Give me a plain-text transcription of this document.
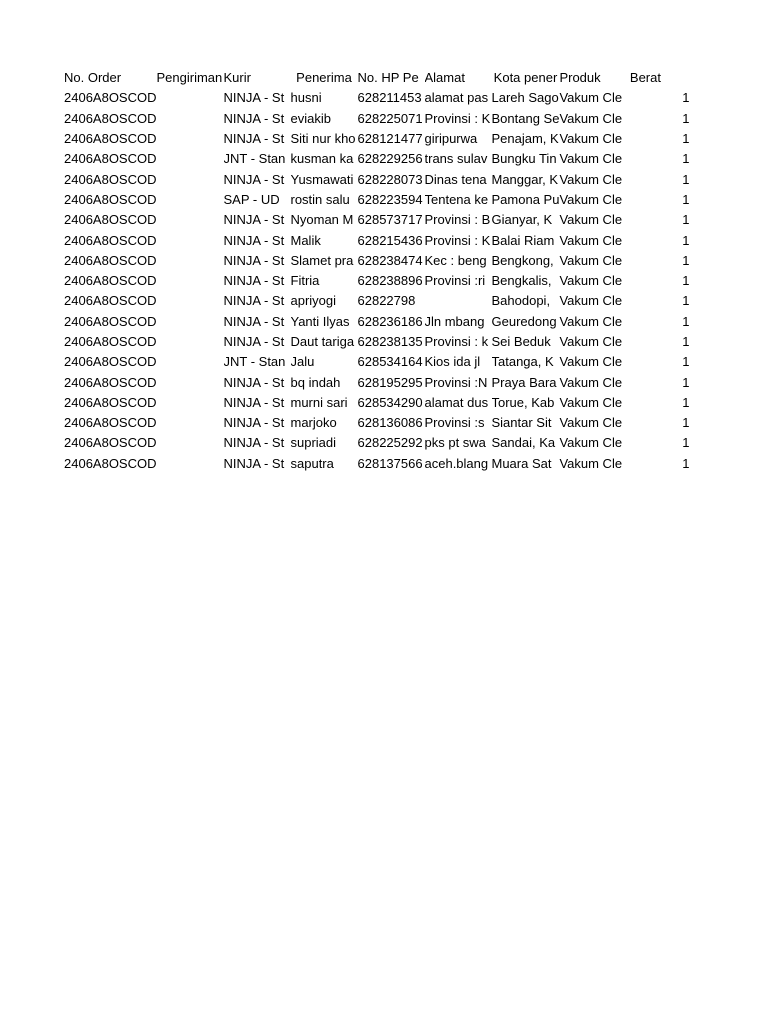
No. Order	Pengiriman	Kurir	Penerima	No. HP Pe	Alamat	Kota pener	Produk	Berat	
2406A8OSCOD		NINJA - St	husni	628211453	alamat pas	Lareh Sago	Vakum Cle		1
2406A8OSCOD		NINJA - St	eviakib	628225071	Provinsi : K	Bontang Se	Vakum Cle		1
2406A8OSCOD		NINJA - St	Siti nur kho	628121477	giripurwa	Penajam, K	Vakum Cle		1
2406A8OSCOD		JNT - Stan	kusman ka	628229256	trans sulav	Bungku Tin	Vakum Cle		1
2406A8OSCOD		NINJA - St	Yusmawati	628228073	Dinas tena	Manggar, K	Vakum Cle		1
2406A8OSCOD		SAP - UD	rostin salu	628223594	Tentena ke	Pamona Pu	Vakum Cle		1
2406A8OSCOD		NINJA - St	Nyoman M	628573717	Provinsi : B	Gianyar, K	Vakum Cle		1
2406A8OSCOD		NINJA - St	Malik	628215436	Provinsi : K	Balai Riam	Vakum Cle		1
2406A8OSCOD		NINJA - St	Slamet pra	628238474	Kec : beng	Bengkong,	Vakum Cle		1
2406A8OSCOD		NINJA - St	Fitria	628238896	Provinsi :ri	Bengkalis,	Vakum Cle		1
2406A8OSCOD		NINJA - St	apriyogi	62822798		Bahodopi,	Vakum Cle		1
2406A8OSCOD		NINJA - St	Yanti Ilyas	628236186	Jln mbang	Geuredong	Vakum Cle		1
2406A8OSCOD		NINJA - St	Daut tariga	628238135	Provinsi : k	Sei Beduk	Vakum Cle		1
2406A8OSCOD		JNT - Stan	Jalu	628534164	Kios ida jl	Tatanga, K	Vakum Cle		1
2406A8OSCOD		NINJA - St	bq indah	628195295	Provinsi :N	Praya Bara	Vakum Cle		1
2406A8OSCOD		NINJA - St	murni sari	628534290	alamat dus	Torue, Kab	Vakum Cle		1
2406A8OSCOD		NINJA - St	marjoko	628136086	Provinsi :s	Siantar Sit	Vakum Cle		1
2406A8OSCOD		NINJA - St	supriadi	628225292	pks pt swa	Sandai, Ka	Vakum Cle		1
2406A8OSCOD		NINJA - St	saputra	628137566	aceh.blang	Muara Sat	Vakum Cle		1
